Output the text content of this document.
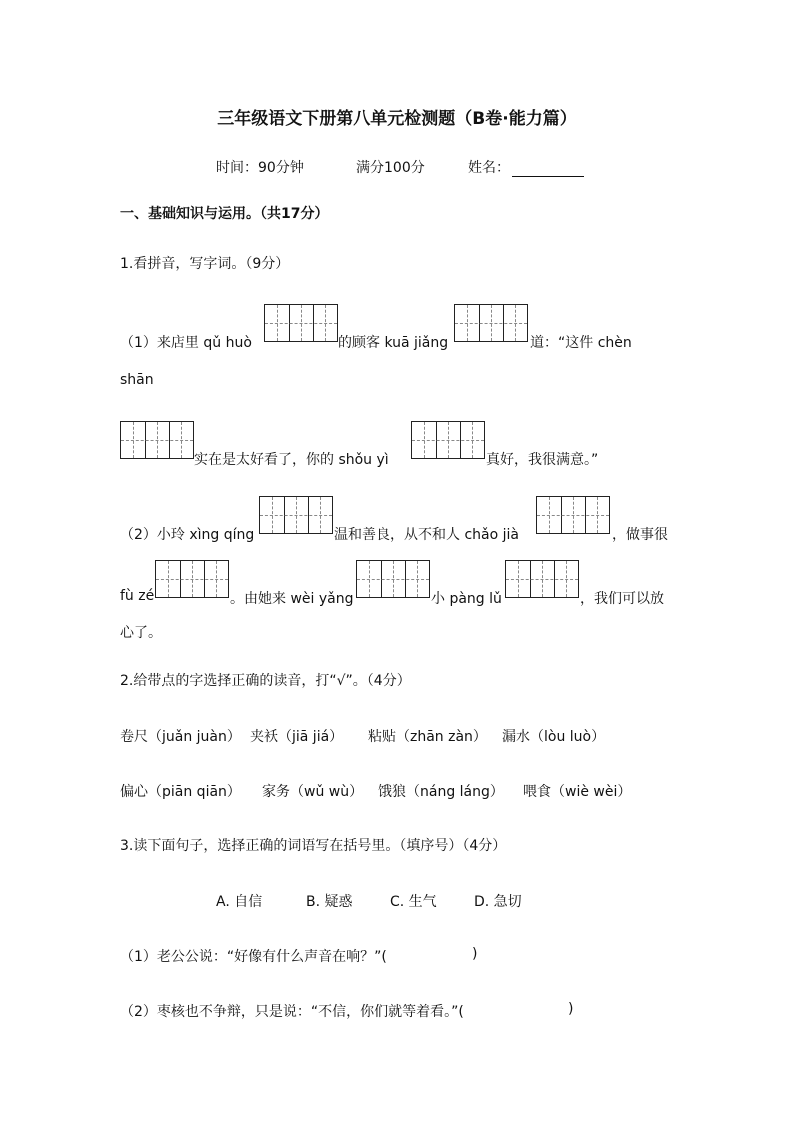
三年级语文下册第八单元检测题（B卷·能力篇）
时间：90分钟	满分100分	姓名：
一、基础知识与运用。（共17分）
1.看拼音，写字词。（9分）
（1）来店里 qǔ huò	的顾客 kuā jiǎng	道：“这件 chèn
shān
实在是太好看了，你的 shǒu yì	真好，我很满意。”
（2）小玲 xìng qíng	温和善良，从不和人 chǎo jià	，做事很
fù zé	。由她来 wèi yǎng	小 pàng lǔ	，我们可以放
心了。
2.给带点的字选择正确的读音，打“√”。（4分）
卷尺（juǎn juàn） 夹袄（jiā jiá） 粘贴（zhān zàn） 漏水（lòu luò）
偏心（piān qiān） 家务（wǔ wù） 饿狼（náng láng） 喂食（wiè wèi）
3.读下面句子，选择正确的词语写在括号里。（填序号）（4分）
A. 自信	B. 疑惑	C. 生气	D. 急切
（1）老公公说：“好像有什么声音在响？”(	)
（2）枣核也不争辩，只是说：“不信，你们就等着看。”(	)
